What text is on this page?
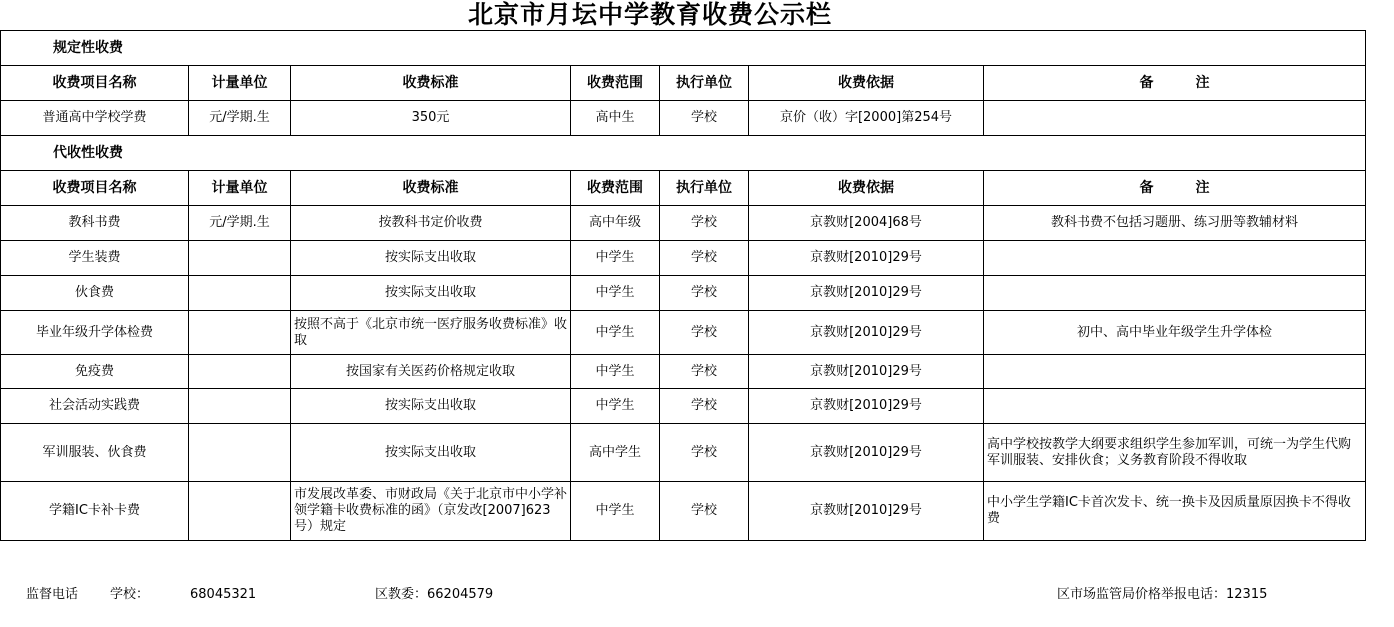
北京市月坛中学教育收费公示栏
规定性收费						
收费项目名称	计量单位	收费标准	收费范围	执行单位	收费依据	备　　　注
普通高中学校学费	元/学期.生	350元	高中生	学校	京价（收）字[2000]第254号	
代收性收费						
收费项目名称	计量单位	收费标准	收费范围	执行单位	收费依据	备　　　注
教科书费	元/学期.生	按教科书定价收费	高中年级	学校	京教财[2004]68号	教科书费不包括习题册、练习册等教辅材料
学生装费		按实际支出收取	中学生	学校	京教财[2010]29号	
伙食费		按实际支出收取	中学生	学校	京教财[2010]29号	
毕业年级升学体检费		按照不高于《北京市统一医疗服务收费标准》收取	中学生	学校	京教财[2010]29号	初中、高中毕业年级学生升学体检
免疫费		按国家有关医药价格规定收取	中学生	学校	京教财[2010]29号	
社会活动实践费		按实际支出收取	中学生	学校	京教财[2010]29号	
军训服装、伙食费		按实际支出收取	高中学生	学校	京教财[2010]29号	高中学校按教学大纲要求组织学生参加军训，可统一为学生代购军训服装、安排伙食；义务教育阶段不得收取
学籍IC卡补卡费		市发展改革委、市财政局《关于北京市中小学补领学籍卡收费标准的函》（京发改[2007]623号）规定	中学生	学校	京教财[2010]29号	中小学生学籍IC卡首次发卡、统一换卡及因质量原因换卡不得收费
监督电话 学校：	68045321	区教委：66204579	区市场监管局价格举报电话：12315
